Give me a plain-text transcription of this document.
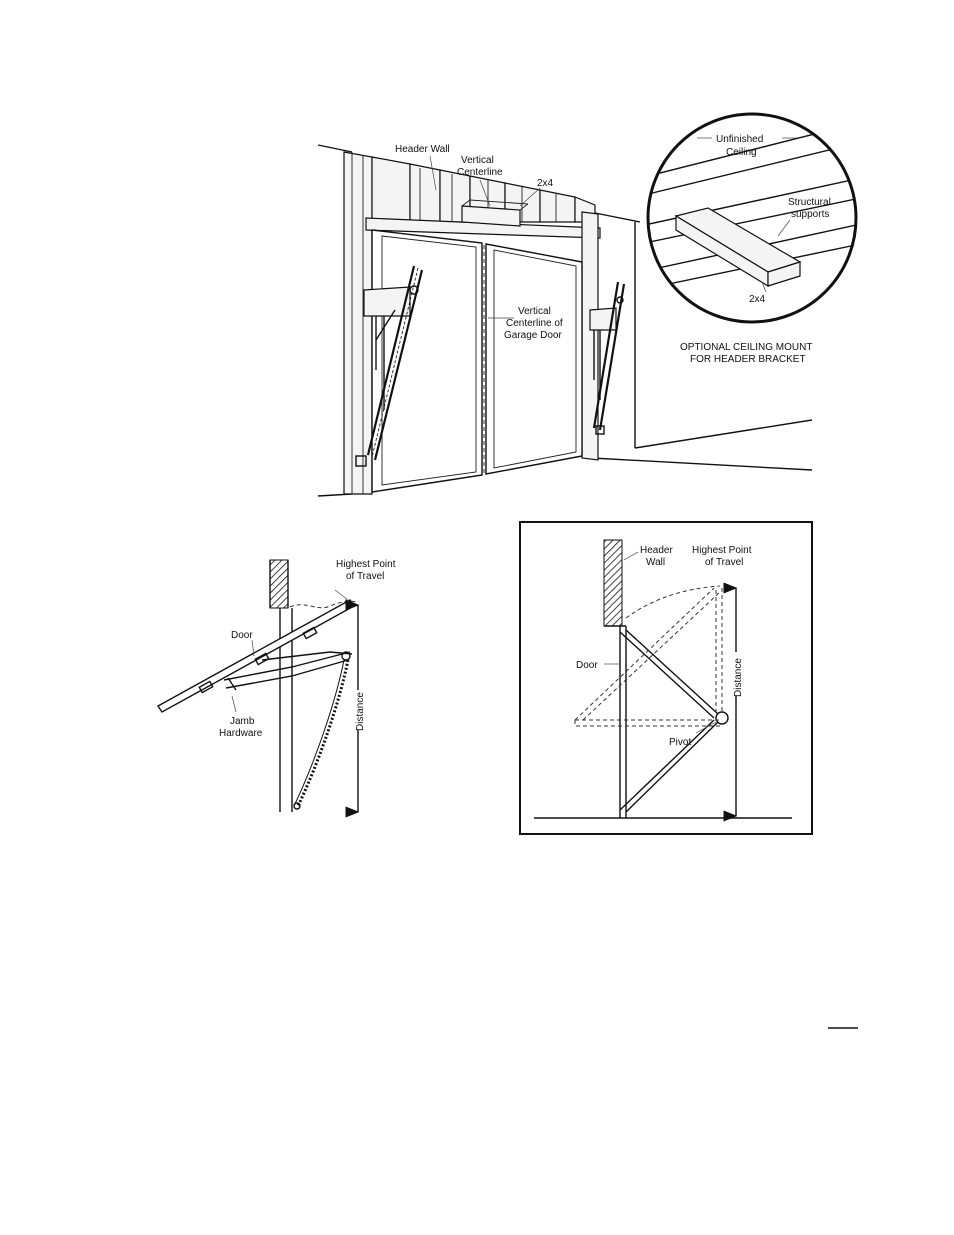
Header Wall
Vertical
Centerline
2x4
Vertical
Centerline of
Garage Door
Unfinished
Ceiling
Structural
supports
2x4
OPTIONAL CEILING MOUNT
FOR HEADER BRACKET
Distance
Highest Point
of Travel
Door
Jamb
Hardware
Distance
Header
Wall
Highest Point
of Travel
Door
Pivot
